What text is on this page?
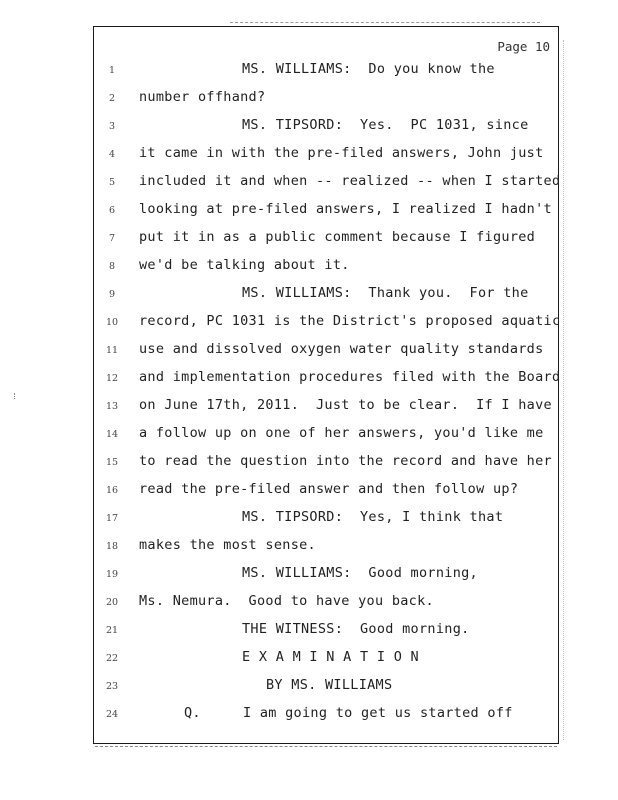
Page 10
1	MS. WILLIAMS:  Do you know the
2	number offhand?
3	MS. TIPSORD:  Yes.  PC 1031, since
4	it came in with the pre-filed answers, John just
5	included it and when -- realized -- when I started
6	looking at pre-filed answers, I realized I hadn't
7	put it in as a public comment because I figured
8	we'd be talking about it.
9	MS. WILLIAMS:  Thank you.  For the
10 record, PC 1031 is the District's proposed aquatic
11 use and dissolved oxygen water quality standards
12 and implementation procedures filed with the Board
13 on June 17th, 2011.  Just to be clear.  If I have
14 a follow up on one of her answers, you'd like me
15 to read the question into the record and have her
16 read the pre-filed answer and then follow up?
17	MS. TIPSORD:  Yes, I think that
18 makes the most sense.
19	MS. WILLIAMS:  Good morning,
20 Ms. Nemura.  Good to have you back.
21	THE WITNESS:  Good morning.
22	E X A M I N A T I O N
23	BY MS. WILLIAMS
24	Q.     I am going to get us started off
